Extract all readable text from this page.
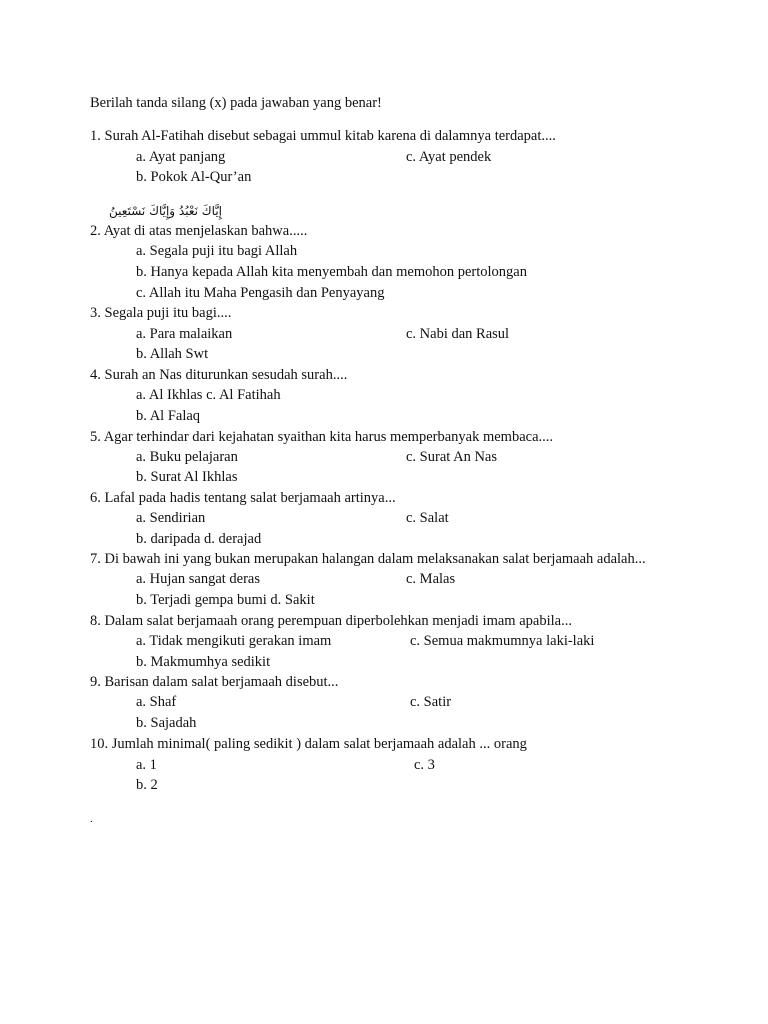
Berilah tanda silang (x) pada jawaban yang benar!
1. Surah Al-Fatihah disebut sebagai ummul kitab karena di dalamnya terdapat....
a. Ayat panjang	c. Ayat pendek
b. Pokok Al-Qur’an
إِيَّاكَ نَعْبُدُ وَإِيَّاكَ نَسْتَعِينُ
2. Ayat di atas menjelaskan bahwa.....
a. Segala puji itu bagi Allah
b. Hanya kepada Allah kita menyembah dan memohon pertolongan
c. Allah itu Maha Pengasih dan Penyayang
3. Segala puji itu bagi....
a. Para malaikan	c. Nabi dan Rasul
b. Allah Swt
4. Surah an Nas diturunkan sesudah surah....
a. Al Ikhlas c. Al Fatihah
b. Al Falaq
5. Agar terhindar dari kejahatan syaithan kita harus memperbanyak membaca....
a. Buku pelajaran	c. Surat An Nas
b. Surat Al Ikhlas
6. Lafal pada hadis tentang salat berjamaah artinya...
a. Sendirian	c. Salat
b. daripada d. derajad
7. Di bawah ini yang bukan merupakan halangan dalam melaksanakan salat berjamaah adalah...
a. Hujan sangat deras	c. Malas
b. Terjadi gempa bumi d. Sakit
8. Dalam salat berjamaah orang perempuan diperbolehkan menjadi imam apabila...
a. Tidak mengikuti gerakan imam	c. Semua makmumnya laki-laki
b. Makmumhya sedikit
9. Barisan dalam salat berjamaah disebut...
a. Shaf	c. Satir
b. Sajadah
10. Jumlah minimal( paling sedikit ) dalam salat berjamaah adalah ... orang
a. 1	c. 3
b. 2
.
